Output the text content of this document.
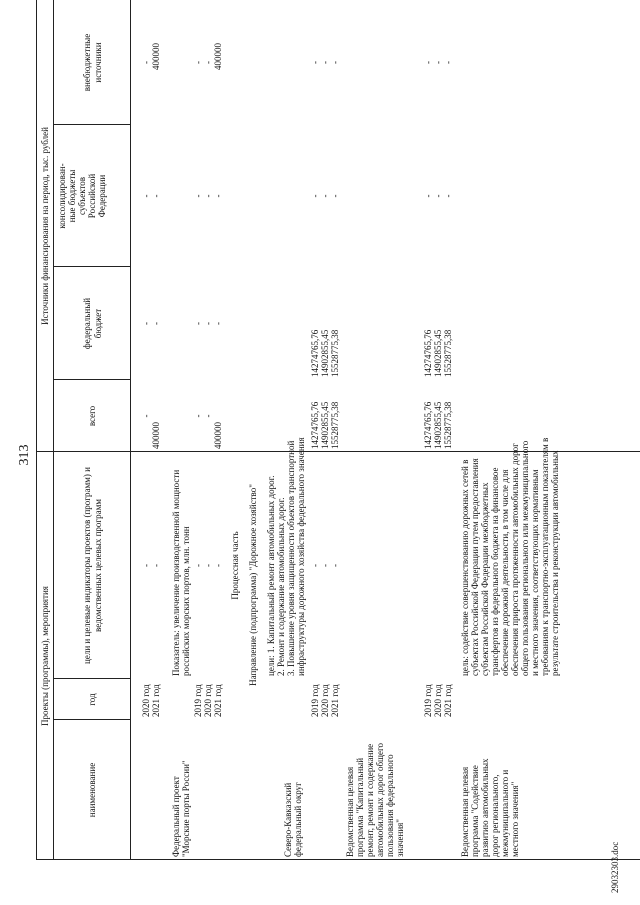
313
Проекты (программы), мероприятия
Источники финансирования на период, тыс. рублей
наименование
год
цели и целевые индикаторы проектов (программ) и ведомственных целевых программ
всего
федеральный бюджет
консолидирован- ные бюджеты субъектов Российской Федерации
внебюджетные источники
2020 год
-
-
-
-
-
2021 год
-
400000
-
-
400000
Федеральный проект "Морские порты России"
Показатель: увеличение производственной мощности российских морских портов, млн. тонн
2019 год
-
-
-
-
-
2020 год
-
-
-
-
-
2021 год
-
400000
-
-
400000
Процессная часть Направление (подпрограмма) "Дорожное хозяйство"
Северо-Кавказский федеральный округ
цели: 1. Капитальный ремонт автомобильных дорог. 2. Ремонт и содержание автомобильных дорог. 3. Повышение уровня защищенности объектов транспортной инфраструктуры дорожного хозяйства федерального значения
2019 год
-
14274765,76
14274765,76
-
-
2020 год
-
14902855,45
14902855,45
-
-
2021 год
-
15528775,38
15528775,38
-
-
Ведомственная целевая программа "Капитальный ремонт, ремонт и содержание автомобильных дорог общего пользования федерального значения"
2019 год
14274765,76
14274765,76
-
-
2020 год
14902855,45
14902855,45
-
-
2021 год
15528775,38
15528775,38
-
-
Ведомственная целевая программа "Содействие развитию автомобильных дорог регионального, межмуниципального и местного значения"
цель: содействие совершенствованию дорожных сетей в субъектах Российской Федерации путем предоставления субъектам Российской Федерации межбюджетных трансфертов из федерального бюджета на финансовое обеспечение дорожной деятельности, в том числе для обеспечения прироста протяженности автомобильных дорог общего пользования регионального или межмуниципального и местного значения, соответствующих нормативным требованиям к транспортно-эксплуатационным показателям в результате строительства и реконструкции автомобильных
29032303.doc
